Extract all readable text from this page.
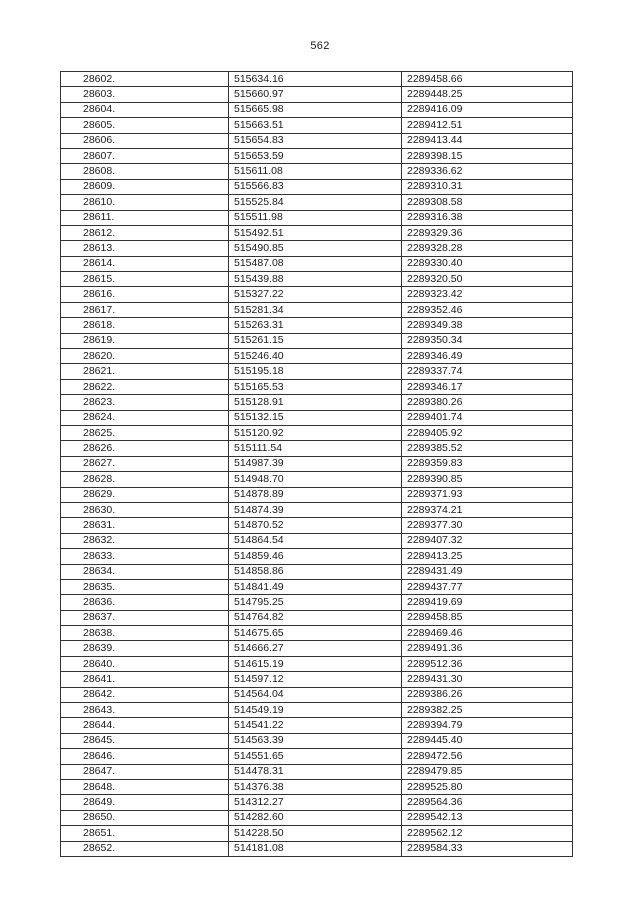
562
28602.	515634.16	2289458.66
28603.	515660.97	2289448.25
28604.	515665.98	2289416.09
28605.	515663.51	2289412.51
28606.	515654.83	2289413.44
28607.	515653.59	2289398.15
28608.	515611.08	2289336.62
28609.	515566.83	2289310.31
28610.	515525.84	2289308.58
28611.	515511.98	2289316.38
28612.	515492.51	2289329.36
28613.	515490.85	2289328.28
28614.	515487.08	2289330.40
28615.	515439.88	2289320.50
28616.	515327.22	2289323.42
28617.	515281.34	2289352.46
28618.	515263.31	2289349.38
28619.	515261.15	2289350.34
28620.	515246.40	2289346.49
28621.	515195.18	2289337.74
28622.	515165.53	2289346.17
28623.	515128.91	2289380.26
28624.	515132.15	2289401.74
28625.	515120.92	2289405.92
28626.	515111.54	2289385.52
28627.	514987.39	2289359.83
28628.	514948.70	2289390.85
28629.	514878.89	2289371.93
28630.	514874.39	2289374.21
28631.	514870.52	2289377.30
28632.	514864.54	2289407.32
28633.	514859.46	2289413.25
28634.	514858.86	2289431.49
28635.	514841.49	2289437.77
28636.	514795.25	2289419.69
28637.	514764.82	2289458.85
28638.	514675.65	2289469.46
28639.	514666.27	2289491.36
28640.	514615.19	2289512.36
28641.	514597.12	2289431.30
28642.	514564.04	2289386.26
28643.	514549.19	2289382.25
28644.	514541.22	2289394.79
28645.	514563.39	2289445.40
28646.	514551.65	2289472.56
28647.	514478.31	2289479.85
28648.	514376.38	2289525.80
28649.	514312.27	2289564.36
28650.	514282.60	2289542.13
28651.	514228.50	2289562.12
28652.	514181.08	2289584.33
